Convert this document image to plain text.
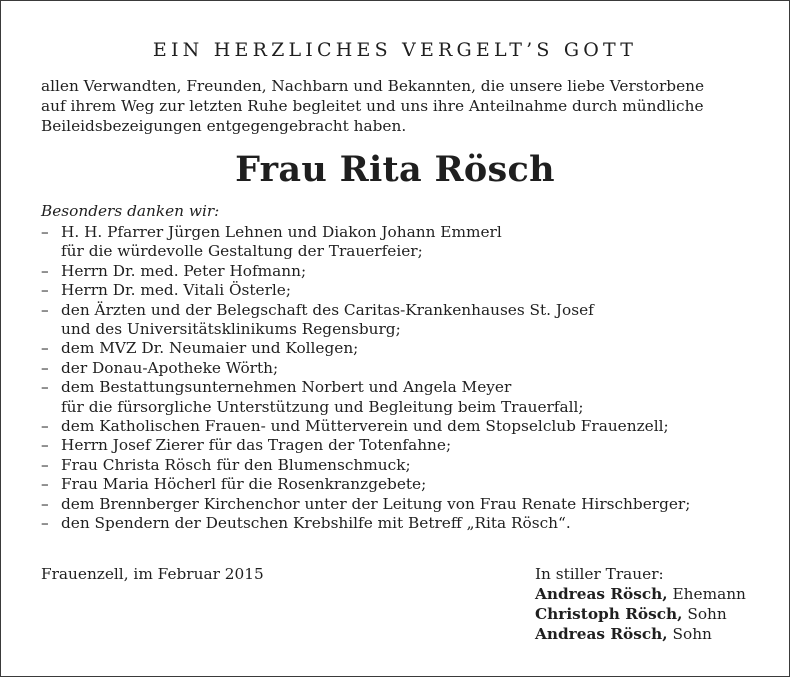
EIN HERZLICHES VERGELT’S GOTT
allen Verwandten, Freunden, Nachbarn und Bekannten, die unsere liebe Verstorbene
auf ihrem Weg zur letzten Ruhe begleitet und uns ihre Anteilnahme durch mündliche
Beileidsbezeigungen entgegengebracht haben.
Frau Rita Rösch
Besonders danken wir:
– H. H. Pfarrer Jürgen Lehnen und Diakon Johann Emmerl
für die würdevolle Gestaltung der Trauerfeier;
– Herrn Dr. med. Peter Hofmann;
– Herrn Dr. med. Vitali Österle;
– den Ärzten und der Belegschaft des Caritas-Krankenhauses St. Josef
und des Universitätsklinikums Regensburg;
– dem MVZ Dr. Neumaier und Kollegen;
– der Donau-Apotheke Wörth;
– dem Bestattungsunternehmen Norbert und Angela Meyer
für die fürsorgliche Unterstützung und Begleitung beim Trauerfall;
– dem Katholischen Frauen- und Mütterverein und dem Stopselclub Frauenzell;
– Herrn Josef Zierer für das Tragen der Totenfahne;
– Frau Christa Rösch für den Blumenschmuck;
– Frau Maria Höcherl für die Rosenkranzgebete;
– dem Brennberger Kirchenchor unter der Leitung von Frau Renate Hirschberger;
– den Spendern der Deutschen Krebshilfe mit Betreff „Rita Rösch“.
Frauenzell, im Februar 2015	In stiller Trauer:
Andreas Rösch, Ehemann
Christoph Rösch, Sohn
Andreas Rösch, Sohn
